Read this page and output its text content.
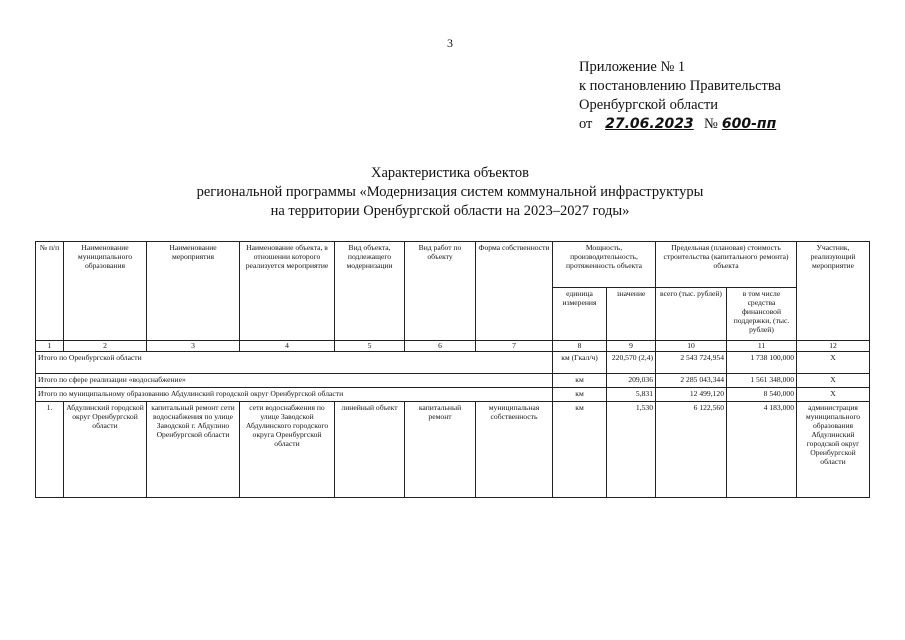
3
Приложение № 1
к постановлению Правительства
Оренбургской области
от 27.06.2023 № 600-пп
Характеристика объектов
региональной программы «Модернизация систем коммунальной инфраструктуры
на территории Оренбургской области на 2023–2027 годы»
№ п/п	Наименование муниципального образования	Наименование мероприятия	Наименование объекта, в отношении которого реализуется мероприятие	Вид объекта, подлежащего модернизации	Вид работ по объекту	Форма собственности	Мощность, производительность, протяженность объекта		Предельная (плановая) стоимость строительства (капитального ремонта) объекта		Участник, реализующий мероприятие
							единица измерения	значение	всего (тыс. рублей)	в том числе средства финансовой поддержки, (тыс. рублей)	
1	2	3	4	5	6	7	8	9	10	11	12
Итого по Оренбургской области							км (Гкал/ч)	220,570 (2,4)	2 543 724,954	1 738 100,000	Х
Итого по сфере реализации «водоснабжение»							км	209,036	2 285 043,344	1 561 348,000	Х
Итого по муниципальному образованию Абдулинский городской округ Оренбургской области							км	5,831	12 499,120	8 540,000	Х
1.	Абдулинский городской округ Оренбургской области	капитальный ремонт сети водоснабжения по улице Заводской г. Абдулино Оренбургской области	сети водоснабжения по улице Заводской Абдулинского городского округа Оренбургской области	линейный объект	капитальный ремонт	муниципальная собственность	км	1,530	6 122,560	4 183,000	администрация муниципального образования Абдулинский городской округ Оренбургской области
